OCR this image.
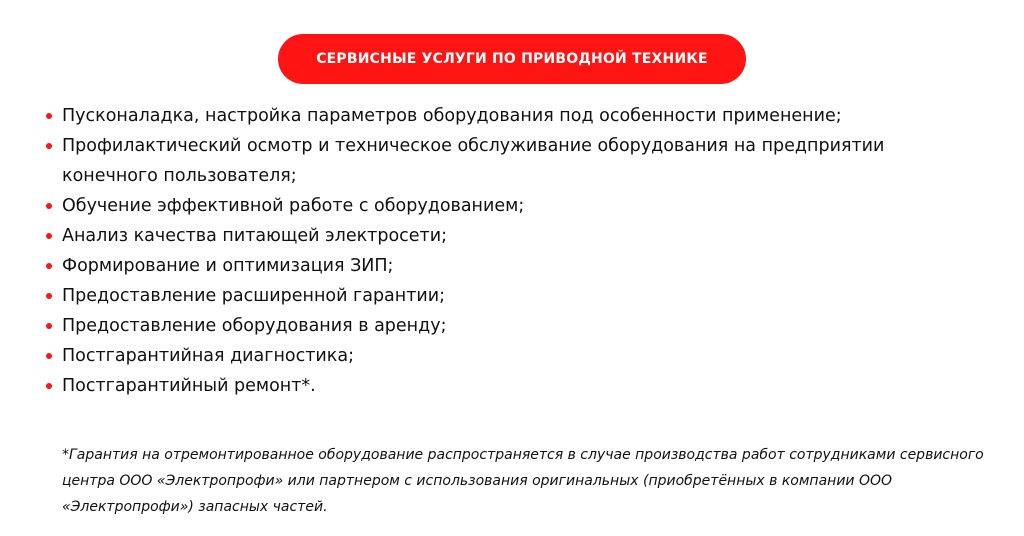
СЕРВИСНЫЕ УСЛУГИ ПО ПРИВОДНОЙ ТЕХНИКЕ
Пусконаладка, настройка параметров оборудования под особенности применение;
Профилактический осмотр и техническое обслуживание оборудования на предприятии конечного пользователя;
Обучение эффективной работе с оборудованием;
Анализ качества питающей электросети;
Формирование и оптимизация ЗИП;
Предоставление расширенной гарантии;
Предоставление оборудования в аренду;
Постгарантийная диагностика;
Постгарантийный ремонт*.

*Гарантия на отремонтированное оборудование распространяется в случае производства работ сотрудниками сервисного центра ООО «Электропрофи» или партнером с использования оригинальных (приобретённых в компании ООО «Электропрофи») запасных частей.
